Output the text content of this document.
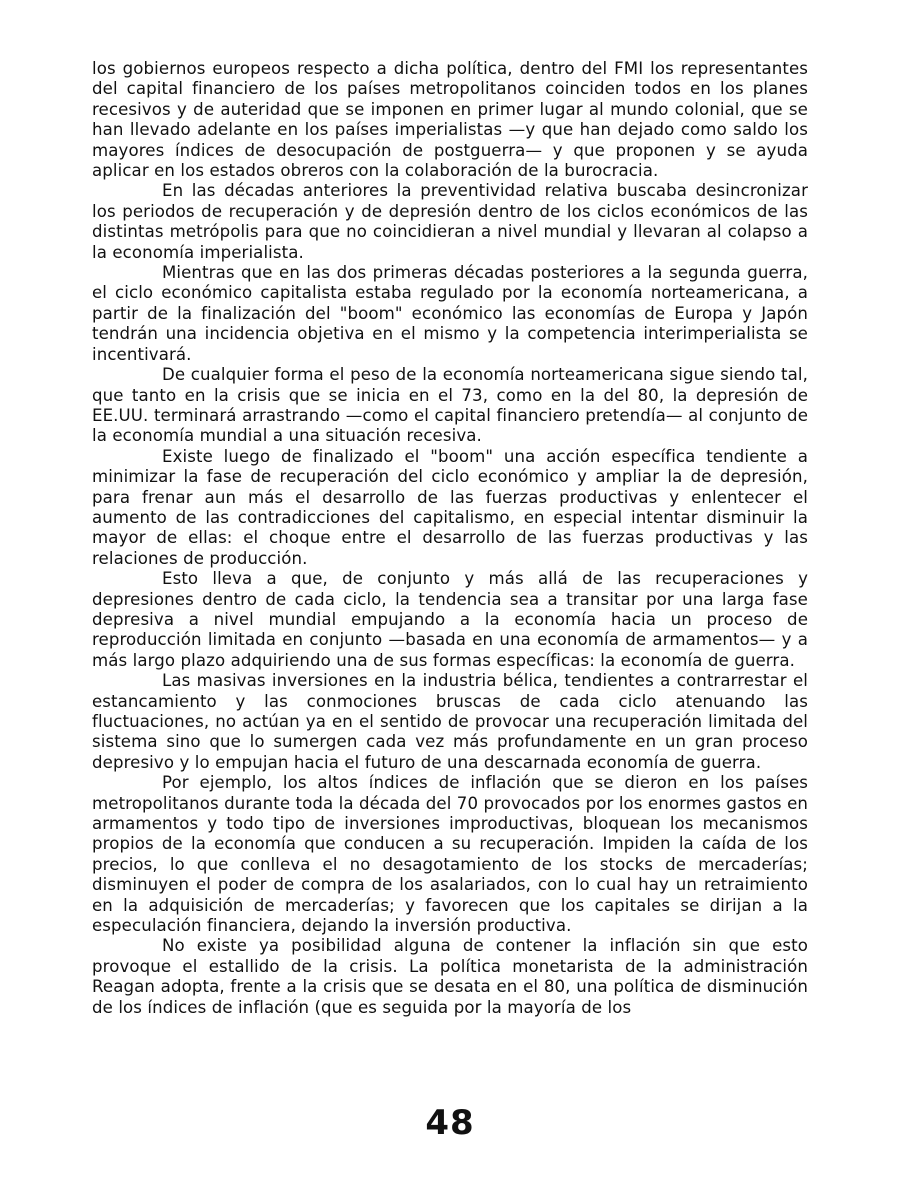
los gobiernos europeos respecto a dicha política, dentro del FMI los representantes del capital financiero de los países metropolitanos coinciden todos en los planes recesivos y de auteridad que se imponen en primer lugar al mundo colonial, que se han llevado adelante en los países imperialistas —y que han dejado como saldo los mayores índices de desocupación de postguerra— y que proponen y se ayuda aplicar en los estados obreros con la colaboración de la burocracia.

En las décadas anteriores la preventividad relativa buscaba desincronizar los periodos de recuperación y de depresión dentro de los ciclos económicos de las distintas metrópolis para que no coincidieran a nivel mundial y llevaran al colapso a la economía imperialista.

Mientras que en las dos primeras décadas posteriores a la segunda guerra, el ciclo económico capitalista estaba regulado por la economía norteamericana, a partir de la finalización del "boom" económico las economías de Europa y Japón tendrán una incidencia objetiva en el mismo y la competencia interimperialista se incentivará.

De cualquier forma el peso de la economía norteamericana sigue siendo tal, que tanto en la crisis que se inicia en el 73, como en la del 80, la depresión de EE.UU. terminará arrastrando —como el capital financiero pretendía— al conjunto de la economía mundial a una situación recesiva.

Existe luego de finalizado el "boom" una acción específica tendiente a minimizar la fase de recuperación del ciclo económico y ampliar la de depresión, para frenar aun más el desarrollo de las fuerzas productivas y enlentecer el aumento de las contradicciones del capitalismo, en especial intentar disminuir la mayor de ellas: el choque entre el desarrollo de las fuerzas productivas y las relaciones de producción.

Esto lleva a que, de conjunto y más allá de las recuperaciones y depresiones dentro de cada ciclo, la tendencia sea a transitar por una larga fase depresiva a nivel mundial empujando a la economía hacia un proceso de reproducción limitada en conjunto —basada en una economía de armamentos— y a más largo plazo adquiriendo una de sus formas específicas: la economía de guerra.

Las masivas inversiones en la industria bélica, tendientes a contrarrestar el estancamiento y las conmociones bruscas de cada ciclo atenuando las fluctuaciones, no actúan ya en el sentido de provocar una recuperación limitada del sistema sino que lo sumergen cada vez más profundamente en un gran proceso depresivo y lo empujan hacia el futuro de una descarnada economía de guerra.

Por ejemplo, los altos índices de inflación que se dieron en los países metropolitanos durante toda la década del 70 provocados por los enormes gastos en armamentos y todo tipo de inversiones improductivas, bloquean los mecanismos propios de la economía que conducen a su recuperación. Impiden la caída de los precios, lo que conlleva el no desagotamiento de los stocks de mercaderías; disminuyen el poder de compra de los asalariados, con lo cual hay un retraimiento en la adquisición de mercaderías; y favorecen que los capitales se dirijan a la especulación financiera, dejando la inversión productiva.

No existe ya posibilidad alguna de contener la inflación sin que esto provoque el estallido de la crisis. La política monetarista de la administración Reagan adopta, frente a la crisis que se desata en el 80, una política de disminución de los índices de inflación (que es seguida por la mayoría de los

48
